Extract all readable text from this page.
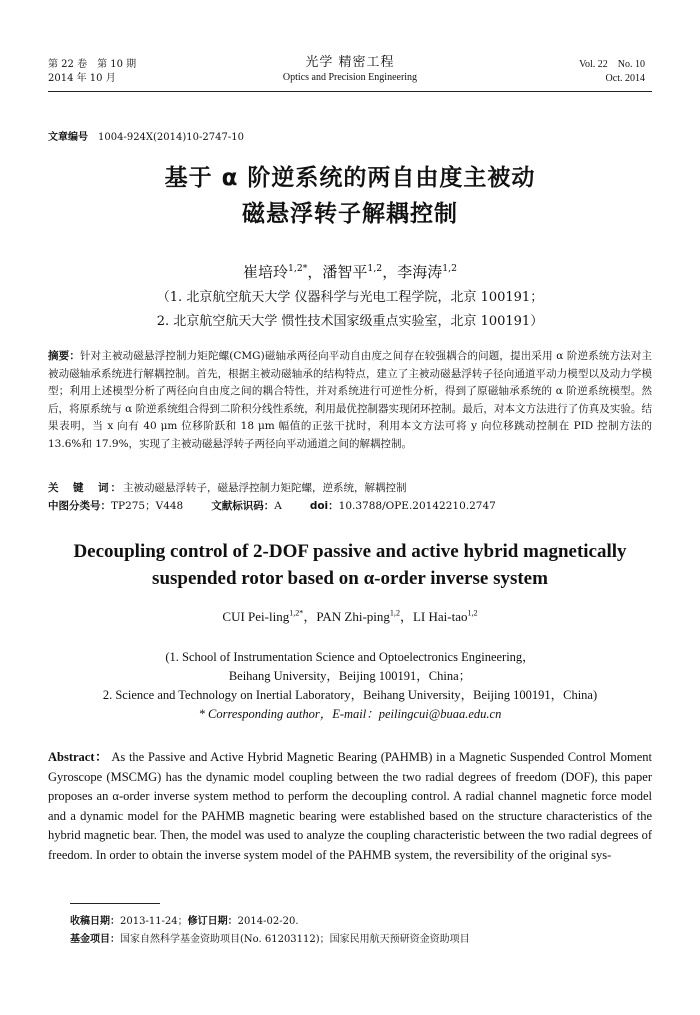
第 22 卷　第 10 期
2014 年 10 月
光学 精密工程
Optics and Precision Engineering
Vol. 22　No. 10
Oct. 2014
文章编号 1004-924X(2014)10-2747-10
基于 α 阶逆系统的两自由度主被动
磁悬浮转子解耦控制
崔培玲$^{1,2*}$，潘智平$^{1,2}$，李海涛$^{1,2}$
（1. 北京航空航天大学 仪器科学与光电工程学院，北京 100191；
2. 北京航空航天大学 惯性技术国家级重点实验室，北京 100191）
摘要：针对主被动磁悬浮控制力矩陀螺(CMG)磁轴承两径向平动自由度之间存在较强耦合的问题，提出采用 α 阶逆系统方法对主被动磁轴承系统进行解耦控制。首先，根据主被动磁轴承的结构特点，建立了主被动磁悬浮转子径向通道平动力模型以及动力学模型；利用上述模型分析了两径向自由度之间的耦合特性，并对系统进行可逆性分析，得到了原磁轴承系统的 α 阶逆系统模型。然后，将原系统与 α 阶逆系统组合得到二阶积分线性系统，利用最优控制器实现闭环控制。最后，对本文方法进行了仿真及实验。结果表明，当 x 向有 40 μm 位移阶跃和 18 μm 幅值的正弦干扰时，利用本文方法可将 y 向位移跳动控制在 PID 控制方法的 13.6%和 17.9%，实现了主被动磁悬浮转子两径向平动通道之间的解耦控制。
关　键　词：主被动磁悬浮转子，磁悬浮控制力矩陀螺，逆系统，解耦控制
中图分类号：TP275；V448	文献标识码：A	doi：10.3788/OPE.20142210.2747
Decoupling control of 2-DOF passive and active hybrid magnetically
suspended rotor based on α-order inverse system
CUI Pei-ling$^{1,2*}$，PAN Zhi-ping$^{1,2}$，LI Hai-tao$^{1,2}$
(1. School of Instrumentation Science and Optoelectronics Engineering，
Beihang University，Beijing 100191，China；
2. Science and Technology on Inertial Laboratory，Beihang University，Beijing 100191，China)
* Corresponding author，E-mail：peilingcui@buaa.edu.cn
Abstract： As the Passive and Active Hybrid Magnetic Bearing (PAHMB) in a Magnetic Suspended Control Moment Gyroscope (MSCMG) has the dynamic model coupling between the two radial degrees of freedom (DOF), this paper proposes an α-order inverse system method to perform the decoupling control. A radial channel magnetic force model and a dynamic model for the PAHMB magnetic bearing were established based on the structure characteristics of the hybrid magnetic bear. Then, the model was used to analyze the coupling characteristic between the two radial degrees of freedom. In order to obtain the inverse system model of the PAHMB system, the reversibility of the original sys-
收稿日期：2013-11-24；修订日期：2014-02-20.
基金项目：国家自然科学基金资助项目(No. 61203112)；国家民用航天预研资金资助项目
